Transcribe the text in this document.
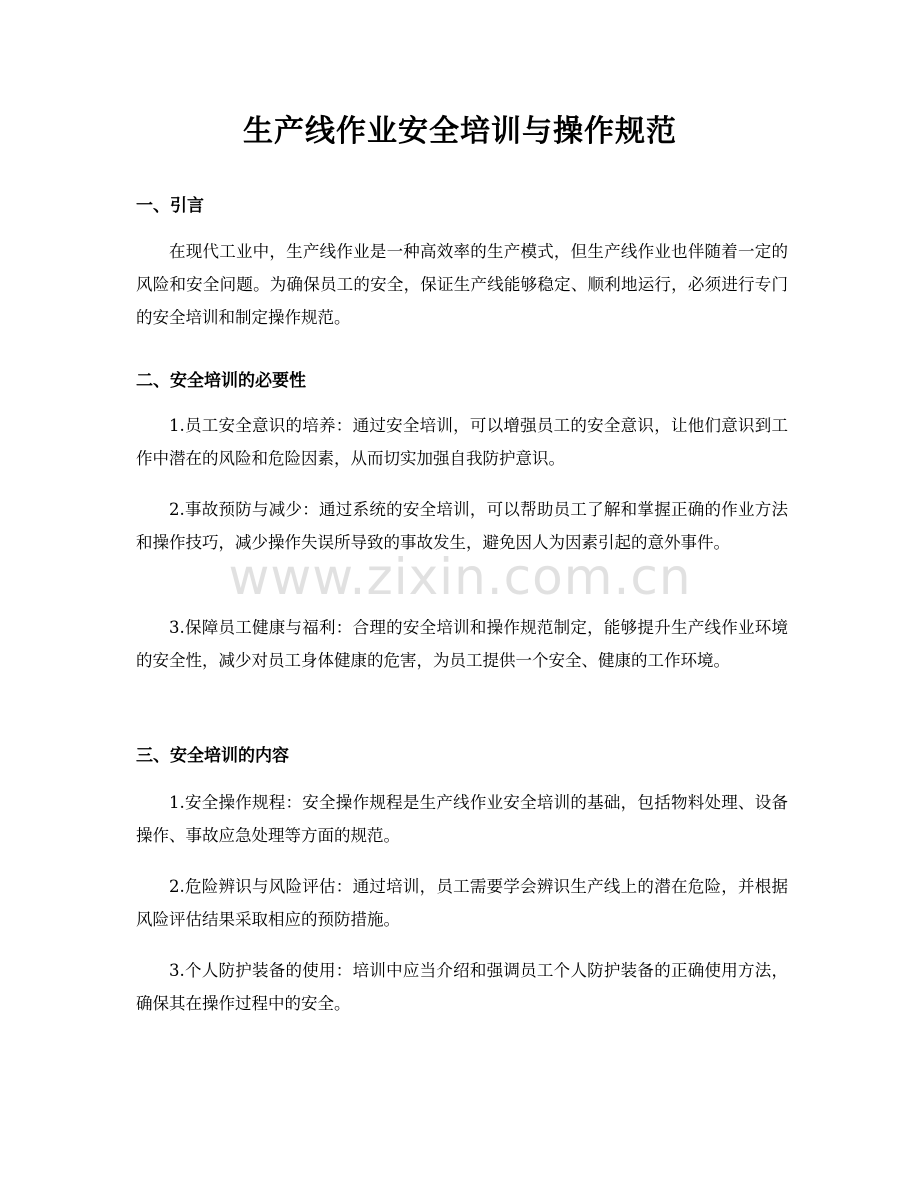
生产线作业安全培训与操作规范
一、引言

在现代工业中，生产线作业是一种高效率的生产模式，但生产线作业也伴随着一定的风险和安全问题。为确保员工的安全，保证生产线能够稳定、顺利地运行，必须进行专门的安全培训和制定操作规范。

二、安全培训的必要性

1.员工安全意识的培养：通过安全培训，可以增强员工的安全意识，让他们意识到工作中潜在的风险和危险因素，从而切实加强自我防护意识。

2.事故预防与减少：通过系统的安全培训，可以帮助员工了解和掌握正确的作业方法和操作技巧，减少操作失误所导致的事故发生，避免因人为因素引起的意外事件。

3.保障员工健康与福利：合理的安全培训和操作规范制定，能够提升生产线作业环境的安全性，减少对员工身体健康的危害，为员工提供一个安全、健康的工作环境。

三、安全培训的内容

1.安全操作规程：安全操作规程是生产线作业安全培训的基础，包括物料处理、设备操作、事故应急处理等方面的规范。

2.危险辨识与风险评估：通过培训，员工需要学会辨识生产线上的潜在危险，并根据风险评估结果采取相应的预防措施。

3.个人防护装备的使用：培训中应当介绍和强调员工个人防护装备的正确使用方法，确保其在操作过程中的安全。

www.zixin.com.cn
